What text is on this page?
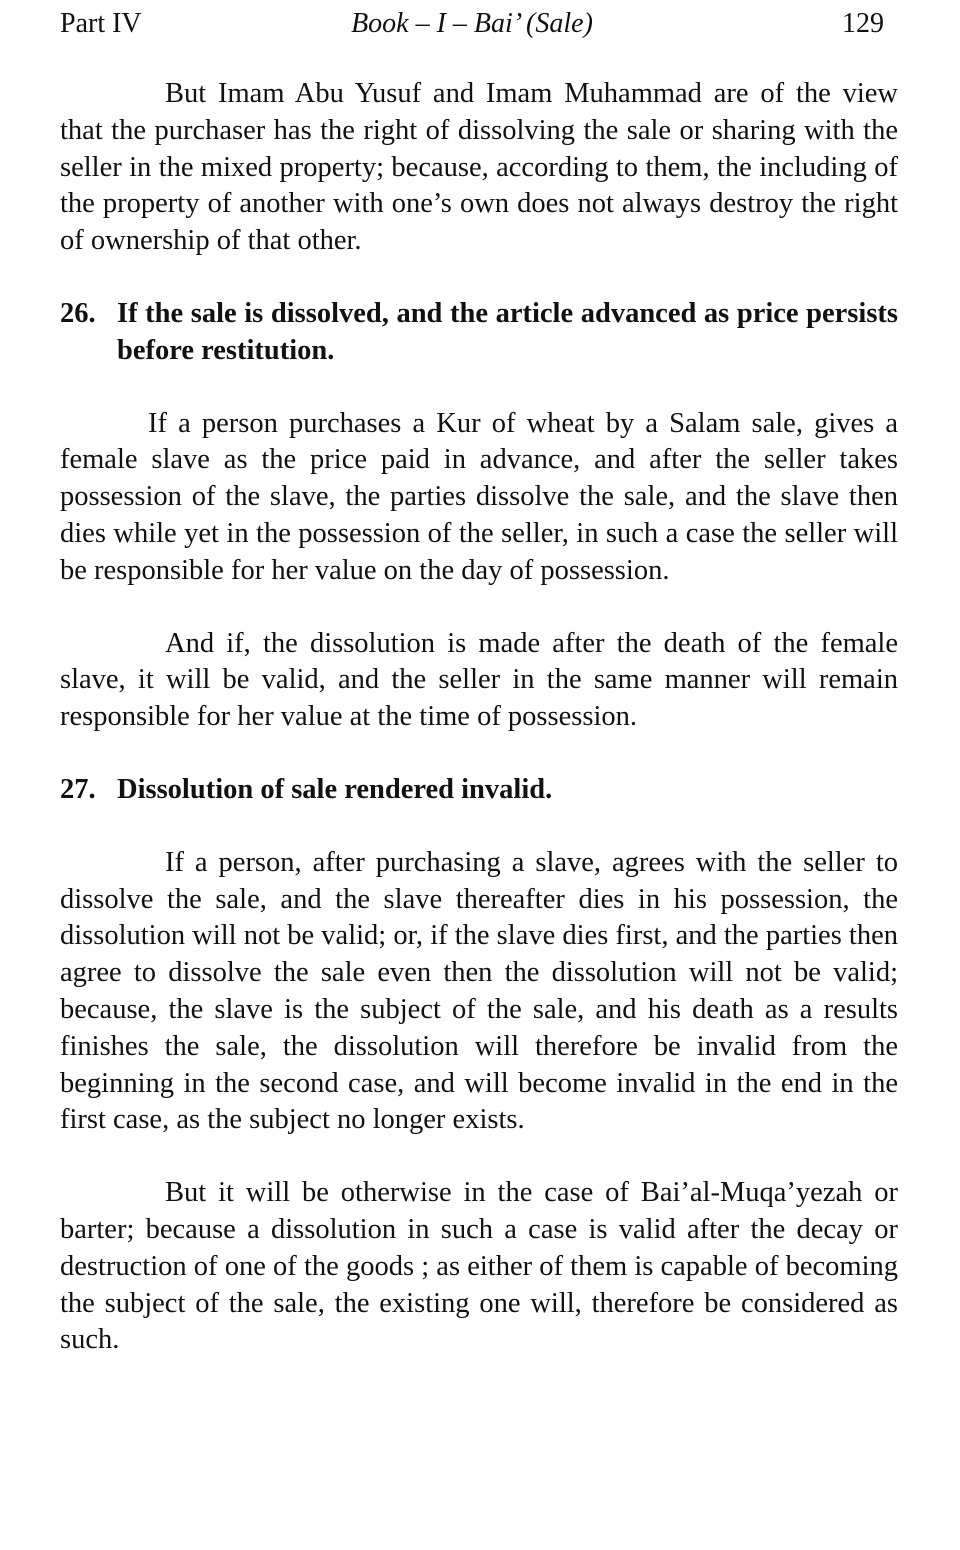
Part IV	Book – I – Bai’ (Sale)	129

But Imam Abu Yusuf and Imam Muhammad are of the view that the purchaser has the right of dissolving the sale or sharing with the seller in the mixed property; because, according to them, the including of the property of another with one’s own does not always destroy the right of ownership of that other.

26. If the sale is dissolved, and the article advanced as price persists before restitution.

If a person purchases a Kur of wheat by a Salam sale, gives a female slave as the price paid in advance, and after the seller takes possession of the slave, the parties dissolve the sale, and the slave then dies while yet in the possession of the seller, in such a case the seller will be responsible for her value on the day of possession.

And if, the dissolution is made after the death of the female slave, it will be valid, and the seller in the same manner will remain responsible for her value at the time of possession.

27. Dissolution of sale rendered invalid.

If a person, after purchasing a slave, agrees with the seller to dissolve the sale, and the slave thereafter dies in his possession, the dissolution will not be valid; or, if the slave dies first, and the parties then agree to dissolve the sale even then the dissolution will not be valid; because, the slave is the subject of the sale, and his death as a results finishes the sale, the dissolution will therefore be invalid from the beginning in the second case, and will become invalid in the end in the first case, as the subject no longer exists.

But it will be otherwise in the case of Bai’al-Muqa’yezah or barter; because a dissolution in such a case is valid after the decay or destruction of one of the goods ; as either of them is capable of becoming the subject of the sale, the existing one will, therefore be considered as such.
